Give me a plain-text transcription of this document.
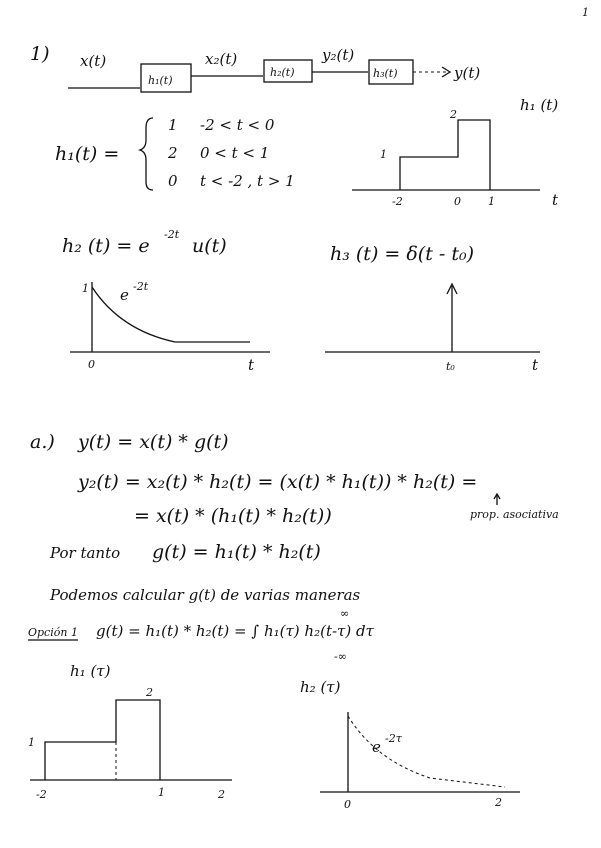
1
1) x(t)
h₁(t)
x₂(t)
h₂(t)
y₂(t)
h₃(t)	y(t)
h₁(t) =
1 -2 < t < 0
2 0 < t < 1
0 t < -2 , t > 1
h₁ (t)
1
2
-2	0 1	t
h₂ (t) = e
-2t
u(t)	h₃ (t) = δ(t - t₀)
1 e -2t
0	t	t₀	t
a.) y(t) = x(t) * g(t)
y₂(t) = x₂(t) * h₂(t) = (x(t) * h₁(t)) * h₂(t) =
prop. asociativa
= x(t) * (h₁(t) * h₂(t))
Por tanto g(t) = h₁(t) * h₂(t)
Podemos calcular g(t) de varias maneras
Opción 1 g(t) = h₁(t) * h₂(t) = ∫ h₁(τ) h₂(t-τ) dτ
∞
-∞
h₁ (τ)
1
2
-2	1	2
h₂ (τ)
e -2τ
0	2
